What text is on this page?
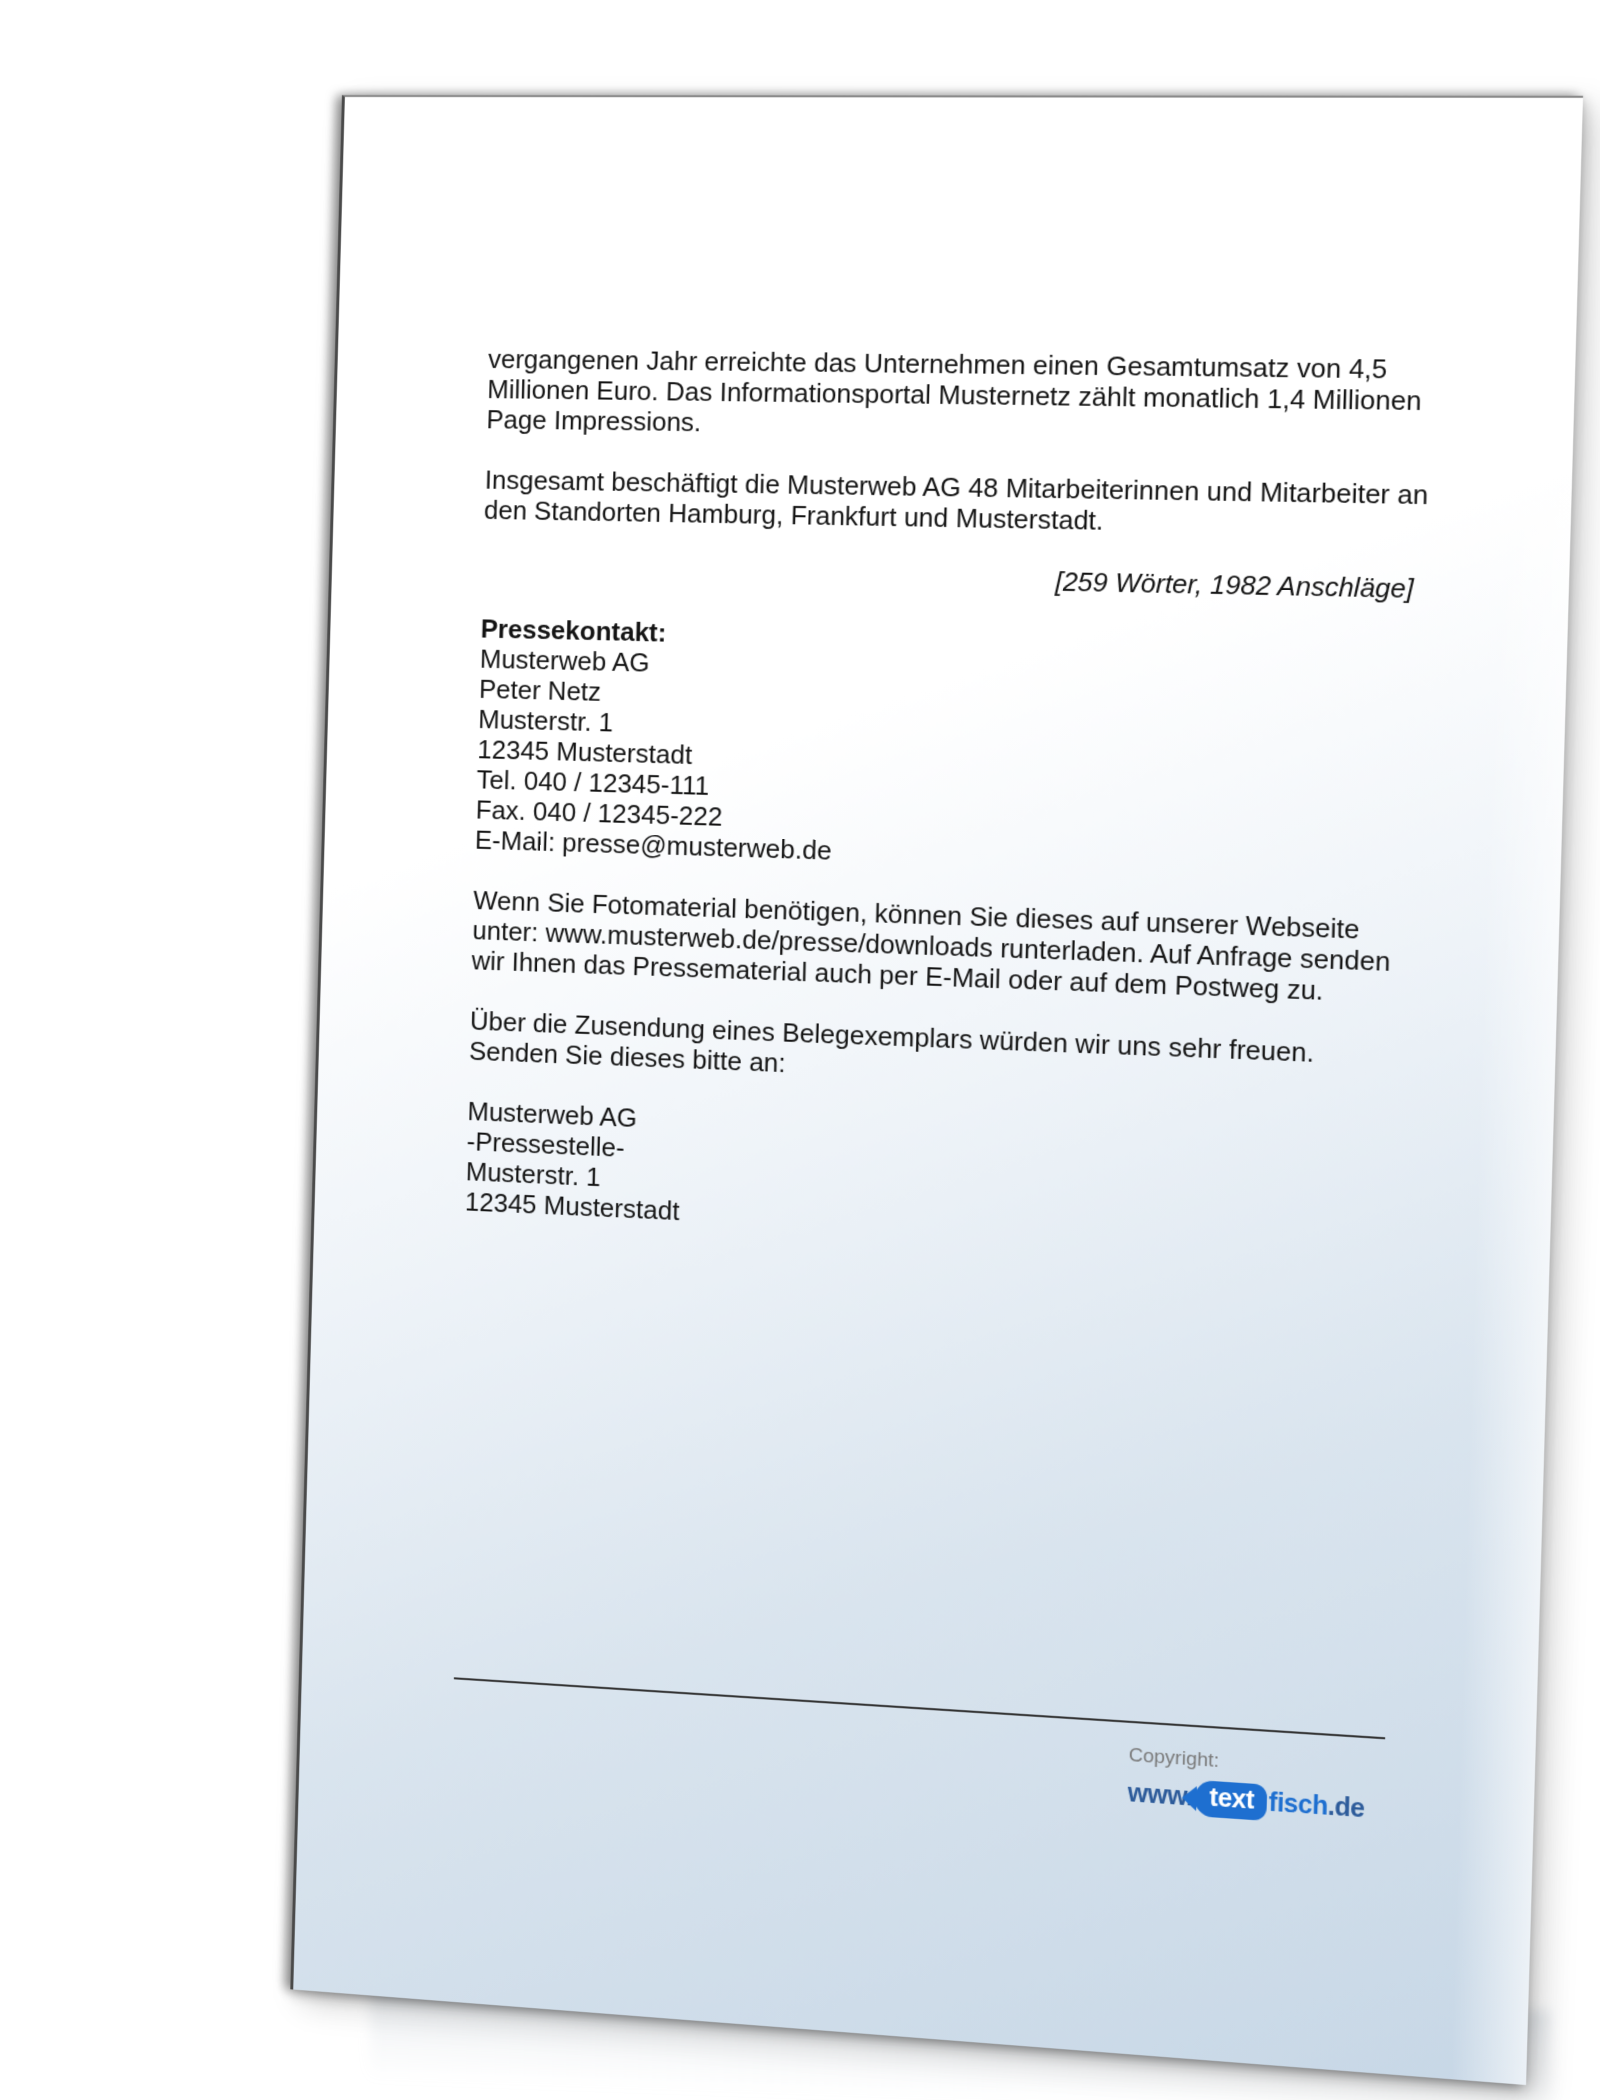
vergangenen Jahr erreichte das Unternehmen einen Gesamtumsatz von 4,5 Millionen Euro. Das Informationsportal Musternetz zählt monatlich 1,4 Millionen Page Impressions.

Insgesamt beschäftigt die Musterweb AG 48 Mitarbeiterinnen und Mitarbeiter an den Standorten Hamburg, Frankfurt und Musterstadt.

[259 Wörter, 1982 Anschläge]

Pressekontakt:

Musterweb AG

Peter Netz

Musterstr. 1

12345 Musterstadt

Tel. 040 / 12345-111

Fax. 040 / 12345-222

E-Mail: presse@musterweb.de

Wenn Sie Fotomaterial benötigen, können Sie dieses auf unserer Webseite unter: www.musterweb.de/presse/downloads runterladen. Auf Anfrage senden wir Ihnen das Pressematerial auch per E-Mail oder auf dem Postweg zu.

Über die Zusendung eines Belegexemplars würden wir uns sehr freuen. Senden Sie dieses bitte an:

Musterweb AG

-Pressestelle-

Musterstr. 1

12345 Musterstadt

Copyright:
www. text fisch .de
